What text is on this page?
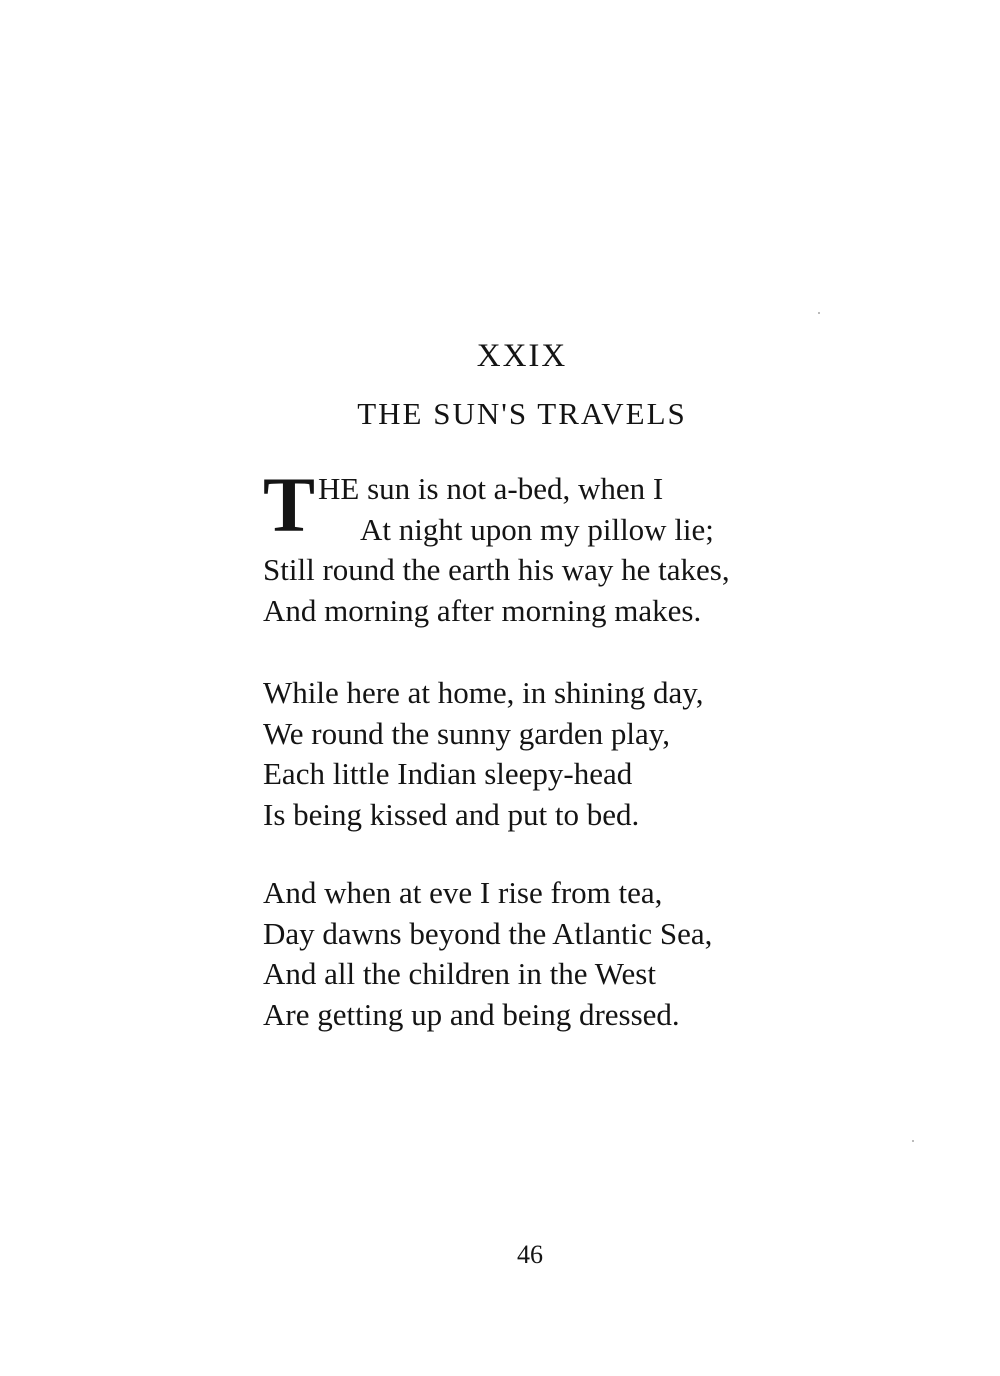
XXIX
THE SUN'S TRAVELS
T HE sun is not a-bed, when I
At night upon my pillow lie;
Still round the earth his way he takes,
And morning after morning makes.
While here at home, in shining day,
We round the sunny garden play,
Each little Indian sleepy-head
Is being kissed and put to bed.
And when at eve I rise from tea,
Day dawns beyond the Atlantic Sea,
And all the children in the West
Are getting up and being dressed.
46
